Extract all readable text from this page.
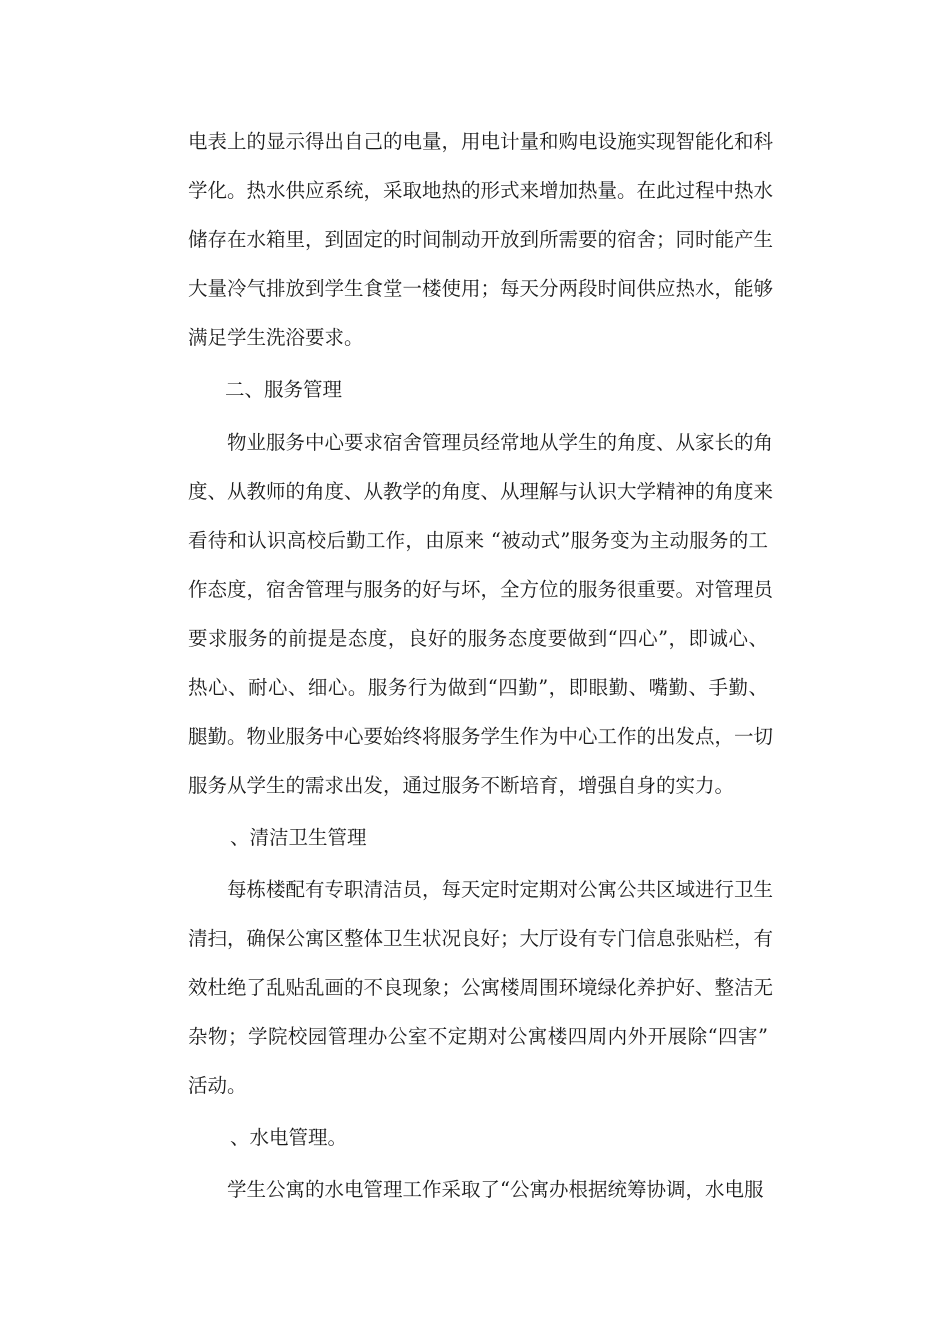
电表上的显示得出自己的电量，用电计量和购电设施实现智能化和科
学化。热水供应系统，采取地热的形式来增加热量。在此过程中热水
储存在水箱里，到固定的时间制动开放到所需要的宿舍；同时能产生
大量冷气排放到学生食堂一楼使用；每天分两段时间供应热水，能够
满足学生洗浴要求。
二、服务管理
物业服务中心要求宿舍管理员经常地从学生的角度、从家长的角
度、从教师的角度、从教学的角度、从理解与认识大学精神的角度来
看待和认识高校后勤工作，由原来 “被动式”服务变为主动服务的工
作态度，宿舍管理与服务的好与坏，全方位的服务很重要。对管理员
要求服务的前提是态度，良好的服务态度要做到“四心”，即诚心、
热心、耐心、细心。服务行为做到“四勤”，即眼勤、嘴勤、手勤、
腿勤。物业服务中心要始终将服务学生作为中心工作的出发点，一切
服务从学生的需求出发，通过服务不断培育，增强自身的实力。
、清洁卫生管理
每栋楼配有专职清洁员，每天定时定期对公寓公共区域进行卫生
清扫，确保公寓区整体卫生状况良好；大厅设有专门信息张贴栏，有
效杜绝了乱贴乱画的不良现象；公寓楼周围环境绿化养护好、整洁无
杂物；学院校园管理办公室不定期对公寓楼四周内外开展除“四害”
活动。
、水电管理。
学生公寓的水电管理工作采取了“公寓办根据统筹协调，水电服
